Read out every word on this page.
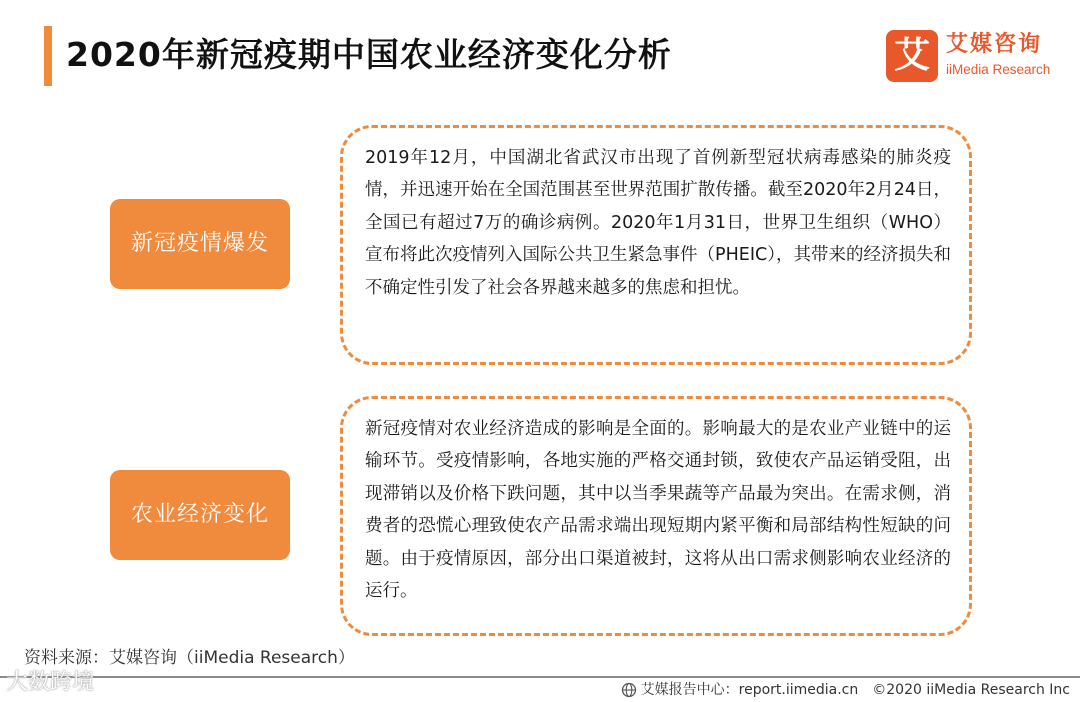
2020年新冠疫期中国农业经济变化分析	艾 艾媒咨询
iiMedia Research
新冠疫情爆发

2019年12月，中国湖北省武汉市出现了首例新型冠状病毒感染的肺炎疫情，并迅速开始在全国范围甚至世界范围扩散传播。截至2020年2月24日，全国已有超过7万的确诊病例。2020年1月31日，世界卫生组织（WHO）宣布将此次疫情列入国际公共卫生紧急事件（PHEIC），其带来的经济损失和不确定性引发了社会各界越来越多的焦虑和担忧。

农业经济变化

新冠疫情对农业经济造成的影响是全面的。影响最大的是农业产业链中的运输环节。受疫情影响，各地实施的严格交通封锁，致使农产品运销受阻，出现滞销以及价格下跌问题，其中以当季果蔬等产品最为突出。在需求侧，消费者的恐慌心理致使农产品需求端出现短期内紧平衡和局部结构性短缺的问题。由于疫情原因，部分出口渠道被封，这将从出口需求侧影响农业经济的运行。

资料来源：艾媒咨询（iiMedia Research）
大数跨境	艾媒报告中心：report.iimedia.cn ©2020 iiMedia Research Inc
